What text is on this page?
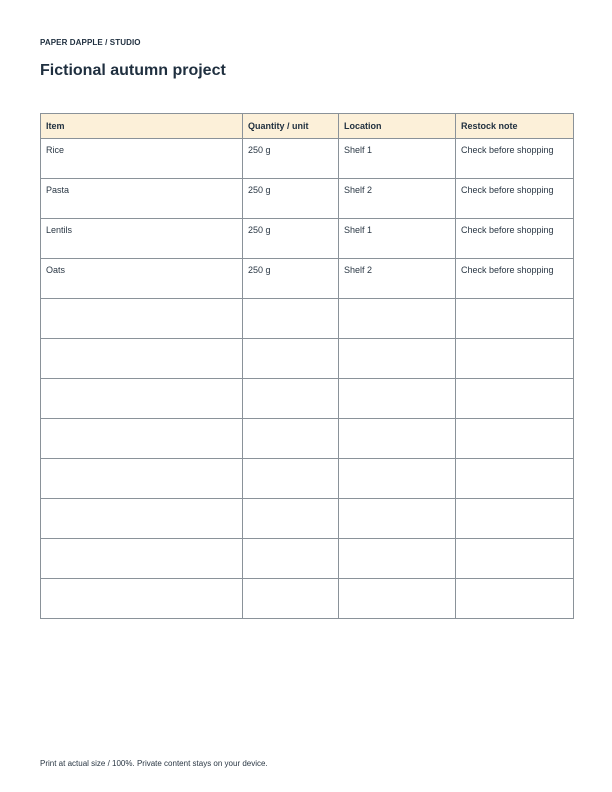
PAPER DAPPLE / STUDIO
Fictional autumn project
Item	Quantity / unit	Location	Restock note
Rice	250 g	Shelf 1	Check before shopping
Pasta	250 g	Shelf 2	Check before shopping
Lentils	250 g	Shelf 1	Check before shopping
Oats	250 g	Shelf 2	Check before shopping

Print at actual size / 100%. Private content stays on your device.
